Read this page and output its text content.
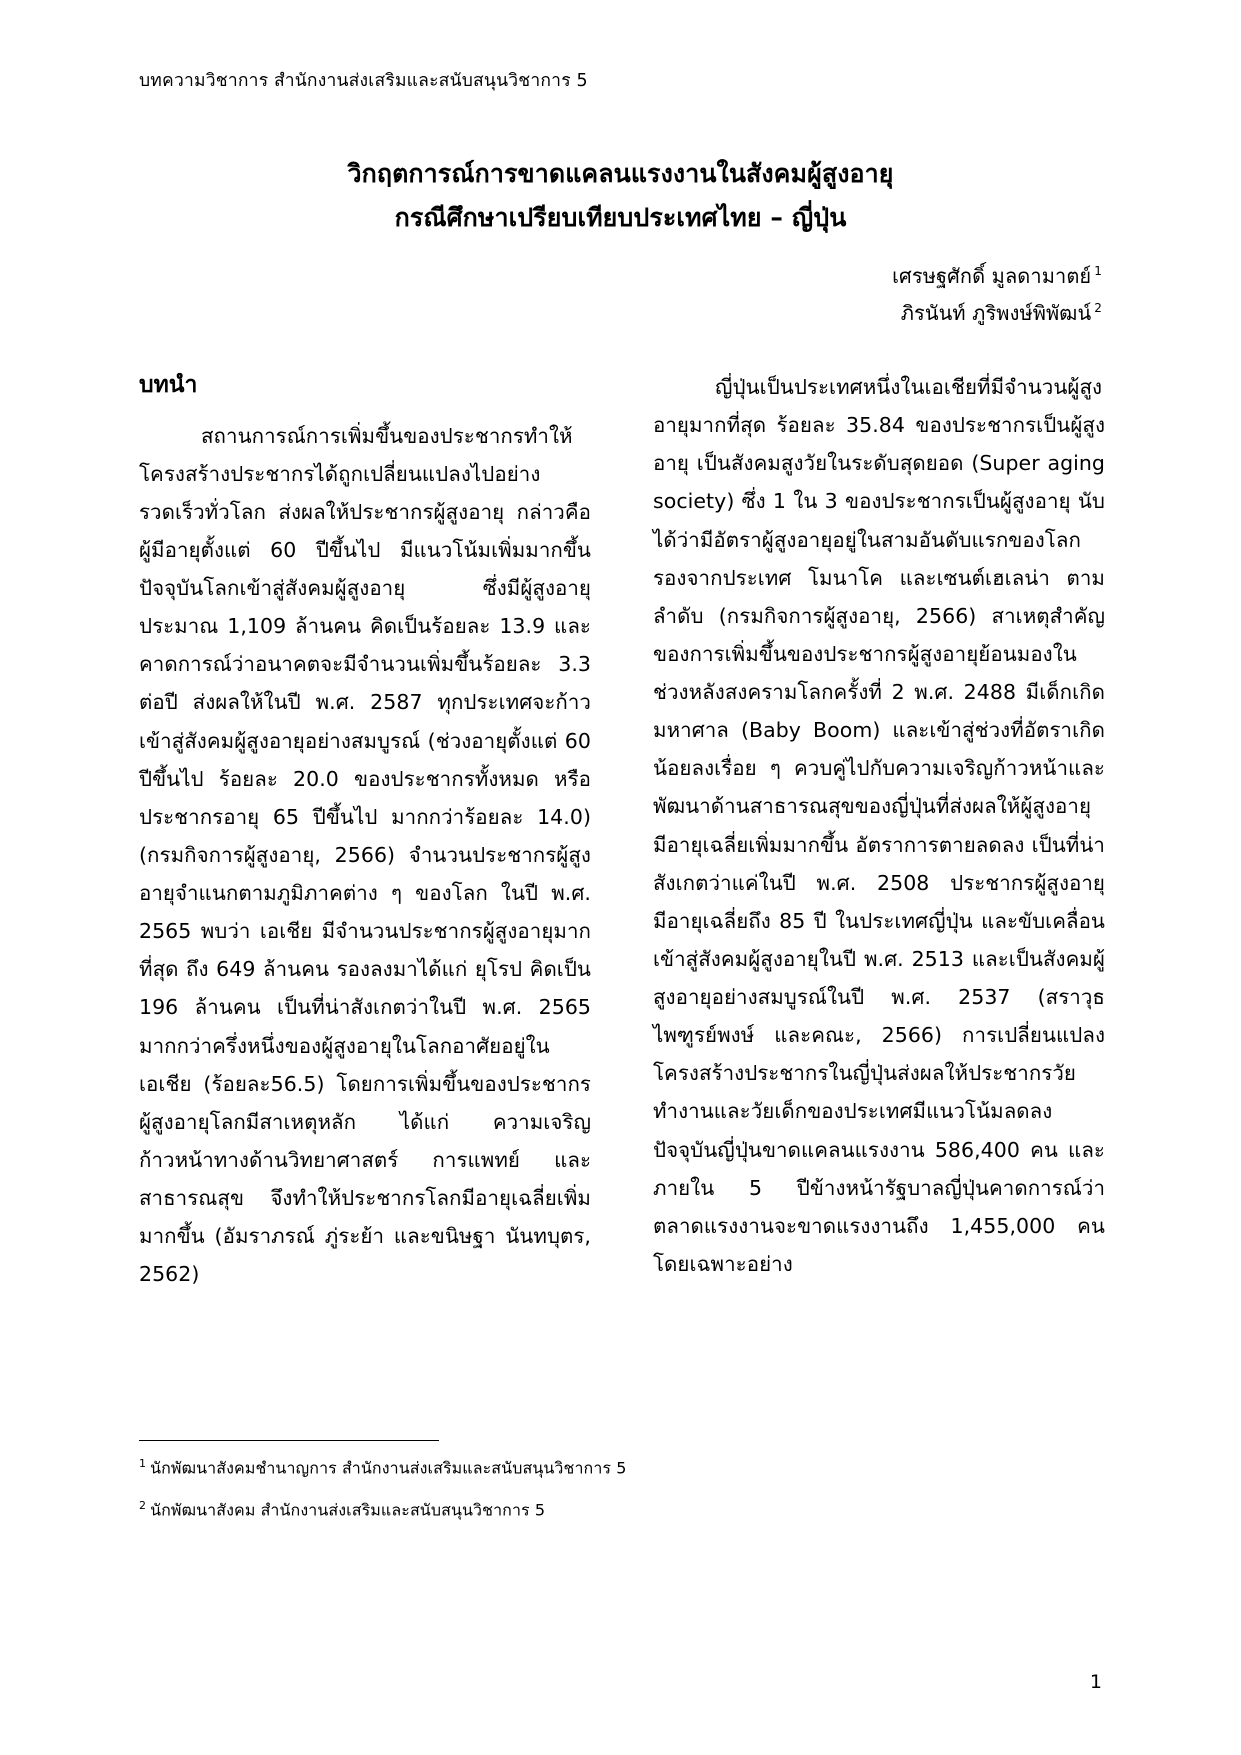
บทความวิชาการ สำนักงานส่งเสริมและสนับสนุนวิชาการ 5
วิกฤตการณ์การขาดแคลนแรงงานในสังคมผู้สูงอายุ
กรณีศึกษาเปรียบเทียบประเทศไทย – ญี่ปุ่น
เศรษฐศักดิ์ มูลดามาตย์ $^1$
ภิรนันท์ ภูริพงษ์พิพัฒน์ $^2$
บทนำ

สถานการณ์การเพิ่มขึ้นของประชากรทำให้โครงสร้างประชากรได้ถูกเปลี่ยนแปลงไปอย่างรวดเร็วทั่วโลก ส่งผลให้ประชากรผู้สูงอายุ กล่าวคือ ผู้มีอายุตั้งแต่ 60 ปีขึ้นไป มีแนวโน้มเพิ่มมากขึ้น ปัจจุบันโลกเข้าสู่สังคมผู้สูงอายุ ซึ่งมีผู้สูงอายุประมาณ 1,109 ล้านคน คิดเป็นร้อยละ 13.9 และคาดการณ์ว่าอนาคตจะมีจำนวนเพิ่มขึ้นร้อยละ 3.3 ต่อปี ส่งผลให้ในปี พ.ศ. 2587 ทุกประเทศจะก้าวเข้าสู่สังคมผู้สูงอายุอย่างสมบูรณ์ (ช่วงอายุตั้งแต่ 60 ปีขึ้นไป ร้อยละ 20.0 ของประชากรทั้งหมด หรือประชากรอายุ 65 ปีขึ้นไป มากกว่าร้อยละ 14.0) (กรมกิจการผู้สูงอายุ, 2566) จำนวนประชากรผู้สูงอายุจำแนกตามภูมิภาคต่าง ๆ ของโลก ในปี พ.ศ. 2565 พบว่า เอเชีย มีจำนวนประชากรผู้สูงอายุมากที่สุด ถึง 649 ล้านคน รองลงมาได้แก่ ยุโรป คิดเป็น 196 ล้านคน เป็นที่น่าสังเกตว่าในปี พ.ศ. 2565 มากกว่าครึ่งหนึ่งของผู้สูงอายุในโลกอาศัยอยู่ในเอเชีย (ร้อยละ56.5) โดยการเพิ่มขึ้นของประชากรผู้สูงอายุโลกมีสาเหตุหลัก ได้แก่ ความเจริญก้าวหน้าทางด้านวิทยาศาสตร์ การแพทย์ และสาธารณสุข จึงทำให้ประชากรโลกมีอายุเฉลี่ยเพิ่มมากขึ้น (อัมราภรณ์ ภู่ระย้า และขนิษฐา นันทบุตร, 2562)

ญี่ปุ่นเป็นประเทศหนึ่งในเอเชียที่มีจำนวนผู้สูงอายุมากที่สุด ร้อยละ 35.84 ของประชากรเป็นผู้สูงอายุ เป็นสังคมสูงวัยในระดับสุดยอด (Super aging society) ซึ่ง 1 ใน 3 ของประชากรเป็นผู้สูงอายุ นับได้ว่ามีอัตราผู้สูงอายุอยู่ในสามอันดับแรกของโลก รองจากประเทศ โมนาโค และเซนต์เฮเลน่า ตามลำดับ (กรมกิจการผู้สูงอายุ, 2566) สาเหตุสำคัญของการเพิ่มขึ้นของประชากรผู้สูงอายุย้อนมองในช่วงหลังสงครามโลกครั้งที่ 2 พ.ศ. 2488 มีเด็กเกิดมหาศาล (Baby Boom) และเข้าสู่ช่วงที่อัตราเกิดน้อยลงเรื่อย ๆ ควบคู่ไปกับความเจริญก้าวหน้าและพัฒนาด้านสาธารณสุขของญี่ปุ่นที่ส่งผลให้ผู้สูงอายุมีอายุเฉลี่ยเพิ่มมากขึ้น อัตราการตายลดลง เป็นที่น่าสังเกตว่าแค่ในปี พ.ศ. 2508 ประชากรผู้สูงอายุมีอายุเฉลี่ยถึง 85 ปี ในประเทศญี่ปุ่น และขับเคลื่อนเข้าสู่สังคมผู้สูงอายุในปี พ.ศ. 2513 และเป็นสังคมผู้สูงอายุอย่างสมบูรณ์ในปี พ.ศ. 2537 (สราวุธ ไพฑูรย์พงษ์ และคณะ, 2566) การเปลี่ยนแปลงโครงสร้างประชากรในญี่ปุ่นส่งผลให้ประชากรวัยทำงานและวัยเด็กของประเทศมีแนวโน้มลดลง ปัจจุบันญี่ปุ่นขาดแคลนแรงงาน 586,400 คน และภายใน 5 ปีข้างหน้ารัฐบาลญี่ปุ่นคาดการณ์ว่า ตลาดแรงงานจะขาดแรงงานถึง 1,455,000 คน โดยเฉพาะอย่าง

$^1$ นักพัฒนาสังคมชำนาญการ สำนักงานส่งเสริมและสนับสนุนวิชาการ 5
$^2$ นักพัฒนาสังคม สำนักงานส่งเสริมและสนับสนุนวิชาการ 5
1
